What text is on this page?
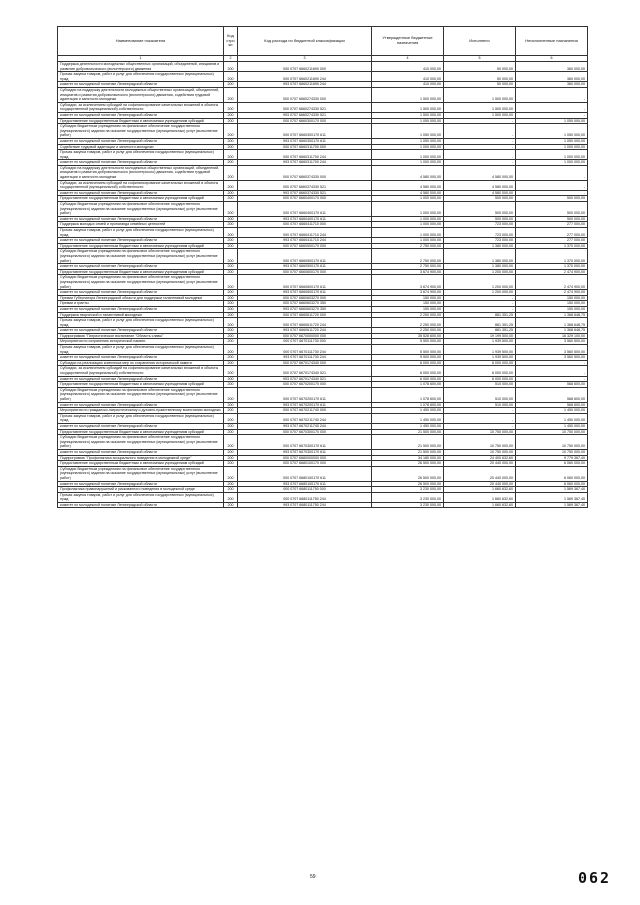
Наименование показателя	Код стро ки	Код расхода по бюджетной классификации	Утвержденные бюджетные назначения	Исполнено	Неисполненные назначения
1	2	3	4	5	6
Поддержка деятельности молодежных общественных организаций, объединений, инициатив и развитие добровольческого (волонтерского) движения	200	000 0707 6660211690 000	410 000,00	50 000,00	360 000,00
Прочая закупка товаров, работ и услуг для обеспечения государственных (муниципальных) нужд	200	000 0707 6660211690 244	410 000,00	50 000,00	360 000,00
комитет по молодежной политике Ленинградской области	200	993 0707 6660211690 244	410 000,00	50 000,00	360 000,00
Субсидии на поддержку деятельности молодежных общественных организаций, объединений, инициатив и развития добровольческого (волонтерского) движения, содействия трудовой адаптации и занятости молодежи	200	000 0707 6660274330 000	1 500 000,00	1 500 000,00	-
Субсидии, за исключением субсидий на софинансирование капитальных вложений в объекты государственной (муниципальной) собственности	200	000 0707 6660274330 521	1 500 000,00	1 500 000,00	-
комитет по молодежной политике Ленинградской области	200	993 0707 6660274330 521	1 500 000,00	1 500 000,00	-
Предоставление государственным бюджетным и автономным учреждениям субсидий	200	000 0707 6660300170 000	1 050 000,00	-	1 050 000,00
Субсидии бюджетным учреждениям на финансовое обеспечение государственного (муниципального) задания на оказание государственных (муниципальных) услуг (выполнение работ)	200	000 0707 6660300170 611	1 050 000,00	-	1 050 000,00
комитет по молодежной политике Ленинградской области	200	993 0707 6660300170 611	1 050 000,00	-	1 050 000,00
Содействие трудовой адаптации и занятости молодежи	200	000 0707 6660311700 000	1 000 000,00	-	1 000 000,00
Прочая закупка товаров, работ и услуг для обеспечения государственных (муниципальных) нужд	200	000 0707 6660311700 244	1 000 000,00	-	1 000 000,00
комитет по молодежной политике Ленинградской области	200	993 0707 6660311700 244	1 000 000,00	-	1 000 000,00
Субсидии на поддержку деятельности молодежных общественных организаций, объединений, инициатив и развития добровольческого (волонтерского) движения, содействия трудовой адаптации и занятости молодежи	200	000 0707 6660374330 000	4 580 000,00	4 580 000,00	-
Субсидии, за исключением субсидий на софинансирование капитальных вложений в объекты государственной (муниципальной) собственности	200	000 0707 6660374330 521	4 580 000,00	4 580 000,00	-
комитет по молодежной политике Ленинградской области	200	993 0707 6660374330 521	4 580 000,00	4 580 000,00	-
Предоставление государственным бюджетным и автономным учреждениям субсидий	200	000 0707 6660400170 000	1 000 000,00	500 000,00	500 000,00
Субсидии бюджетным учреждениям на финансовое обеспечение государственного (муниципального) задания на оказание государственных (муниципальных) услуг (выполнение работ)	200	000 0707 6660400170 611	1 000 000,00	500 000,00	500 000,00
комитет по молодежной политике Ленинградской области	200	993 0707 6660400170 611	1 000 000,00	500 000,00	500 000,00
Поддержка молодых семей и пропаганда семейных ценностей	200	000 0707 6660411710 000	1 000 000,00	723 000,00	277 000,00
Прочая закупка товаров, работ и услуг для обеспечения государственных (муниципальных) нужд	200	000 0707 6660411710 244	1 000 000,00	723 000,00	277 000,00
комитет по молодежной политике Ленинградской области	200	993 0707 6660411710 244	1 000 000,00	723 000,00	277 000,00
Предоставление государственным бюджетным и автономным учреждениям субсидий	200	000 0707 6660500170 000	2 750 000,00	1 380 000,00	1 370 000,00
Субсидии бюджетным учреждениям на финансовое обеспечение государственного (муниципального) задания на оказание государственных (муниципальных) услуг (выполнение работ)	200	000 0707 6660500170 611	2 750 000,00	1 380 000,00	1 370 000,00
комитет по молодежной политике Ленинградской области	200	993 0707 6660500170 611	2 750 000,00	1 380 000,00	1 370 000,00
Предоставление государственным бюджетным и автономным учреждениям субсидий	200	000 0707 6660600170 000	3 674 900,00	1 200 000,00	2 474 900,00
Субсидии бюджетным учреждениям на финансовое обеспечение государственного (муниципального) задания на оказание государственных (муниципальных) услуг (выполнение работ)	200	000 0707 6660600170 611	3 674 900,00	1 200 000,00	2 474 900,00
комитет по молодежной политике Ленинградской области	200	993 0707 6660600170 611	3 674 900,00	1 200 000,00	2 474 900,00
Премии Губернатора Ленинградской области для поддержки талантливой молодежи	200	000 0707 6660603270 000	150 000,00	-	150 000,00
Премии и гранты	200	000 0707 6660603270 350	150 000,00	-	150 000,00
комитет по молодежной политике Ленинградской области	200	993 0707 6660603270 350	150 000,00	-	150 000,00
Поддержка творческой и талантливой молодежи	200	000 0707 6660611720 000	2 250 000,00	881 351,25	1 368 648,75
Прочая закупка товаров, работ и услуг для обеспечения государственных (муниципальных) нужд	200	000 0707 6660611720 244	2 250 000,00	881 351,25	1 368 648,75
комитет по молодежной политике Ленинградской области	200	993 0707 6660611720 244	2 250 000,00	881 351,25	1 368 648,75
Подпрограмма "Патриотическое воспитание "Область славы"	200	000 0707 6670000000 000	35 528 600,00	19 199 500,00	16 329 100,00
Мероприятия по сохранению исторической памяти	200	000 0707 6670111730 000	5 500 000,00	1 939 500,00	3 560 500,00
Прочая закупка товаров, работ и услуг для обеспечения государственных (муниципальных) нужд	200	000 0707 6670111730 244	5 500 000,00	1 939 500,00	3 560 500,00
комитет по молодежной политике Ленинградской области	200	993 0707 6670111730 244	5 500 000,00	1 939 500,00	3 560 500,00
Субсидии на реализацию комплекса мер по сохранению исторической памяти	200	000 0707 6670174340 000	6 000 000,00	6 000 000,00	-
Субсидии, за исключением субсидий на софинансирование капитальных вложений в объекты государственной (муниципальной) собственности	200	000 0707 6670174340 521	6 000 000,00	6 000 000,00	-
комитет по молодежной политике Ленинградской области	200	993 0707 6670174340 521	6 000 000,00	6 000 000,00	-
Предоставление государственным бюджетным и автономным учреждениям субсидий	200	000 0707 6670200170 000	1 078 600,00	510 000,00	568 600,00
Субсидии бюджетным учреждениям на финансовое обеспечение государственного (муниципального) задания на оказание государственных (муниципальных) услуг (выполнение работ)	200	000 0707 6670200170 611	1 078 600,00	510 000,00	568 600,00
комитет по молодежной политике Ленинградской области	200	993 0707 6670200170 611	1 078 600,00	510 000,00	568 600,00
Мероприятия по гражданско-патриотическому и духовно-нравственному воспитанию молодежи	200	000 0707 6670211740 000	1 450 000,00	-	1 450 000,00
Прочая закупка товаров, работ и услуг для обеспечения государственных (муниципальных) нужд	200	000 0707 6670211740 244	1 450 000,00	-	1 450 000,00
комитет по молодежной политике Ленинградской области	200	993 0707 6670211740 244	1 450 000,00	-	1 450 000,00
Предоставление государственным бюджетным и автономным учреждениям субсидий	200	000 0707 6670300170 000	21 500 000,00	10 750 000,00	10 750 000,00
Субсидии бюджетным учреждениям на финансовое обеспечение государственного (муниципального) задания на оказание государственных (муниципальных) услуг (выполнение работ)	200	000 0707 6670300170 611	21 500 000,00	10 750 000,00	10 750 000,00
комитет по молодежной политике Ленинградской области	200	993 0707 6670300170 611	21 500 000,00	10 750 000,00	10 750 000,00
Подпрограмма "Профилактика асоциального поведения в молодежной среде"	200	000 0707 6680000000 000	34 180 000,00	24 400 632,60	9 779 367,40
Предоставление государственным бюджетным и автономным учреждениям субсидий	200	000 0707 6680100170 000	26 500 000,00	20 440 000,00	6 060 000,00
Субсидии бюджетным учреждениям на финансовое обеспечение государственного (муниципального) задания на оказание государственных (муниципальных) услуг (выполнение работ)	200	000 0707 6680100170 611	26 500 000,00	20 440 000,00	6 060 000,00
комитет по молодежной политике Ленинградской области	200	993 0707 6680100170 611	26 500 000,00	20 440 000,00	6 060 000,00
Профилактика правонарушений и рискованного поведения в молодежной среде	200	000 0707 6680111750 000	3 230 000,00	1 660 632,60	1 569 367,40
Прочая закупка товаров, работ и услуг для обеспечения государственных (муниципальных) нужд	200	000 0707 6680111750 244	3 230 000,00	1 660 632,60	1 569 367,40
комитет по молодежной политике Ленинградской области	200	993 0707 6680111750 244	3 230 000,00	1 660 632,60	1 569 367,40
59	062
